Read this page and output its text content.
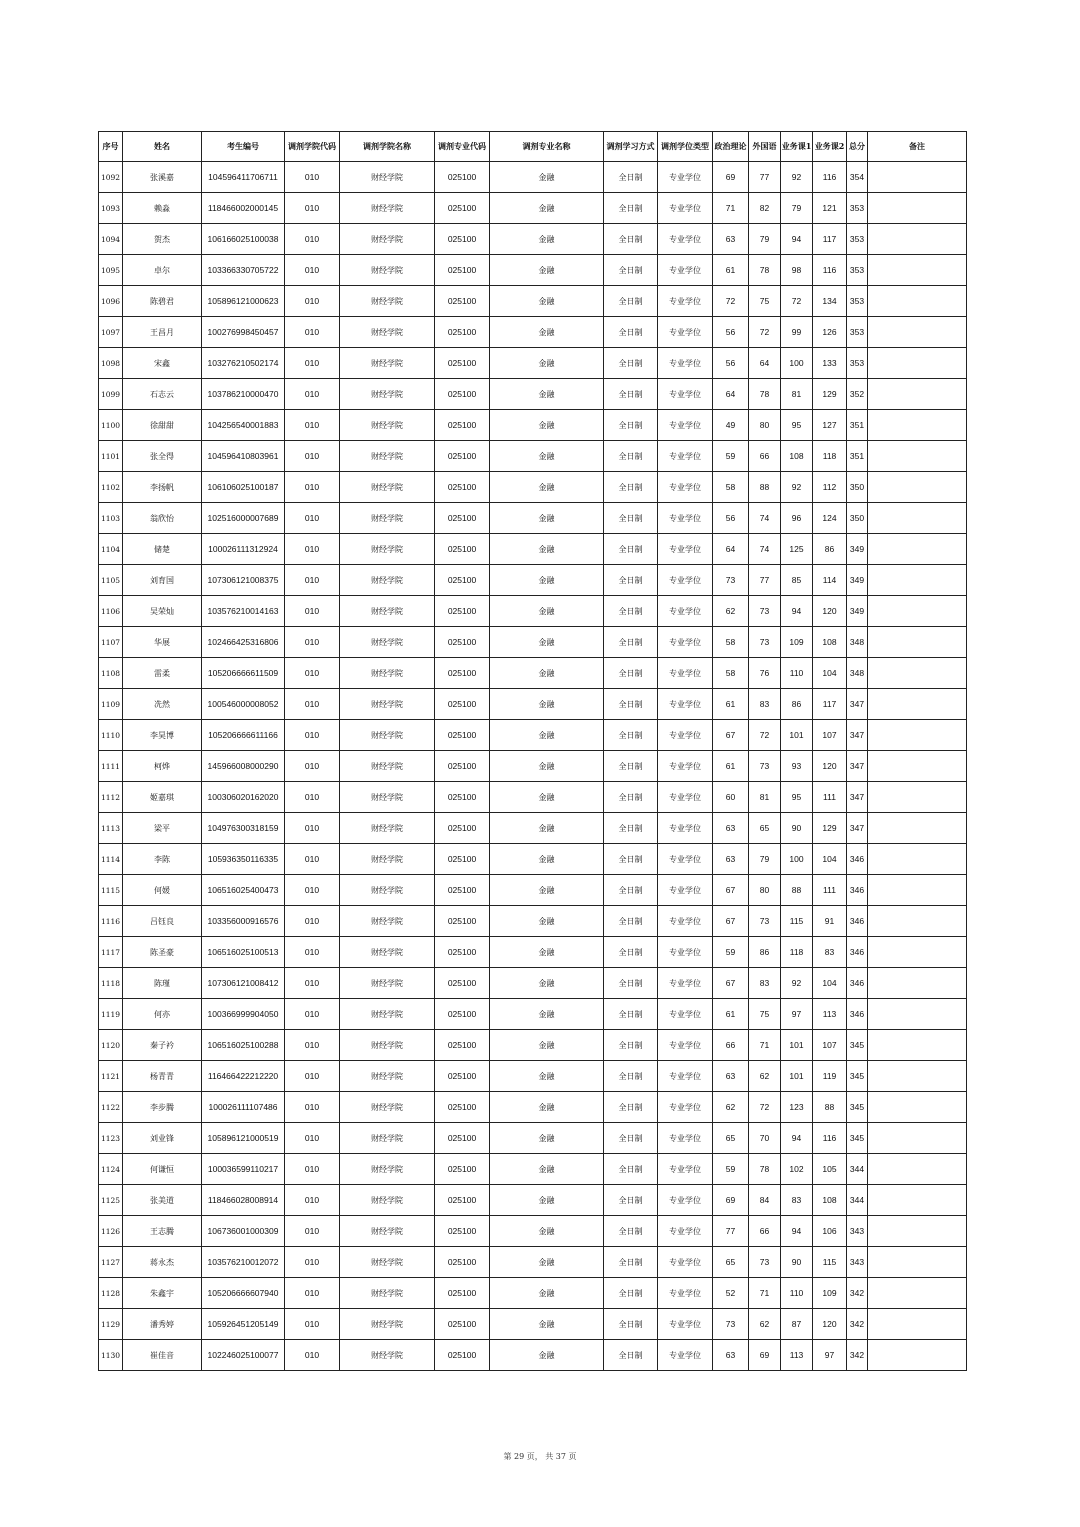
序号	姓名	考生编号	调剂学院代码	调剂学院名称	调剂专业代码	调剂专业名称	调剂学习方式	调剂学位类型	政治理论	外国语	业务课1	业务课2	总分	备注
1092	张溪嘉	104596411706711	010	财经学院	025100	金融	全日制	专业学位	69	77	92	116	354	
1093	赖淼	118466002000145	010	财经学院	025100	金融	全日制	专业学位	71	82	79	121	353	
1094	贺杰	106166025100038	010	财经学院	025100	金融	全日制	专业学位	63	79	94	117	353	
1095	卓尔	103366330705722	010	财经学院	025100	金融	全日制	专业学位	61	78	98	116	353	
1096	陈碧君	105896121000623	010	财经学院	025100	金融	全日制	专业学位	72	75	72	134	353	
1097	王昌月	100276998450457	010	财经学院	025100	金融	全日制	专业学位	56	72	99	126	353	
1098	宋鑫	103276210502174	010	财经学院	025100	金融	全日制	专业学位	56	64	100	133	353	
1099	石志云	103786210000470	010	财经学院	025100	金融	全日制	专业学位	64	78	81	129	352	
1100	徐甜甜	104256540001883	010	财经学院	025100	金融	全日制	专业学位	49	80	95	127	351	
1101	张全得	104596410803961	010	财经学院	025100	金融	全日制	专业学位	59	66	108	118	351	
1102	李扬帆	106106025100187	010	财经学院	025100	金融	全日制	专业学位	58	88	92	112	350	
1103	翁欣怡	102516000007689	010	财经学院	025100	金融	全日制	专业学位	56	74	96	124	350	
1104	储楚	100026111312924	010	财经学院	025100	金融	全日制	专业学位	64	74	125	86	349	
1105	刘育国	107306121008375	010	财经学院	025100	金融	全日制	专业学位	73	77	85	114	349	
1106	吴荣灿	103576210014163	010	财经学院	025100	金融	全日制	专业学位	62	73	94	120	349	
1107	华展	102466425316806	010	财经学院	025100	金融	全日制	专业学位	58	73	109	108	348	
1108	雷柔	105206666611509	010	财经学院	025100	金融	全日制	专业学位	58	76	110	104	348	
1109	冼然	100546000008052	010	财经学院	025100	金融	全日制	专业学位	61	83	86	117	347	
1110	李昊博	105206666611166	010	财经学院	025100	金融	全日制	专业学位	67	72	101	107	347	
1111	柯烨	145966008000290	010	财经学院	025100	金融	全日制	专业学位	61	73	93	120	347	
1112	姬嘉琪	100306020162020	010	财经学院	025100	金融	全日制	专业学位	60	81	95	111	347	
1113	梁平	104976300318159	010	财经学院	025100	金融	全日制	专业学位	63	65	90	129	347	
1114	李陈	105936350116335	010	财经学院	025100	金融	全日制	专业学位	63	79	100	104	346	
1115	何媛	106516025400473	010	财经学院	025100	金融	全日制	专业学位	67	80	88	111	346	
1116	吕钰良	103356000916576	010	财经学院	025100	金融	全日制	专业学位	67	73	115	91	346	
1117	陈圣豪	106516025100513	010	财经学院	025100	金融	全日制	专业学位	59	86	118	83	346	
1118	陈瑾	107306121008412	010	财经学院	025100	金融	全日制	专业学位	67	83	92	104	346	
1119	何亦	100366999904050	010	财经学院	025100	金融	全日制	专业学位	61	75	97	113	346	
1120	秦子衿	106516025100288	010	财经学院	025100	金融	全日制	专业学位	66	71	101	107	345	
1121	杨青青	116466422212220	010	财经学院	025100	金融	全日制	专业学位	63	62	101	119	345	
1122	李步腾	100026111107486	010	财经学院	025100	金融	全日制	专业学位	62	72	123	88	345	
1123	刘业锋	105896121000519	010	财经学院	025100	金融	全日制	专业学位	65	70	94	116	345	
1124	何谦恒	100036599110217	010	财经学院	025100	金融	全日制	专业学位	59	78	102	105	344	
1125	张美道	118466028008914	010	财经学院	025100	金融	全日制	专业学位	69	84	83	108	344	
1126	王志腾	106736001000309	010	财经学院	025100	金融	全日制	专业学位	77	66	94	106	343	
1127	蒋永杰	103576210012072	010	财经学院	025100	金融	全日制	专业学位	65	73	90	115	343	
1128	朱鑫宇	105206666607940	010	财经学院	025100	金融	全日制	专业学位	52	71	110	109	342	
1129	潘秀婷	105926451205149	010	财经学院	025100	金融	全日制	专业学位	73	62	87	120	342	
1130	崔佳音	102246025100077	010	财经学院	025100	金融	全日制	专业学位	63	69	113	97	342	
第 29 页， 共 37 页
